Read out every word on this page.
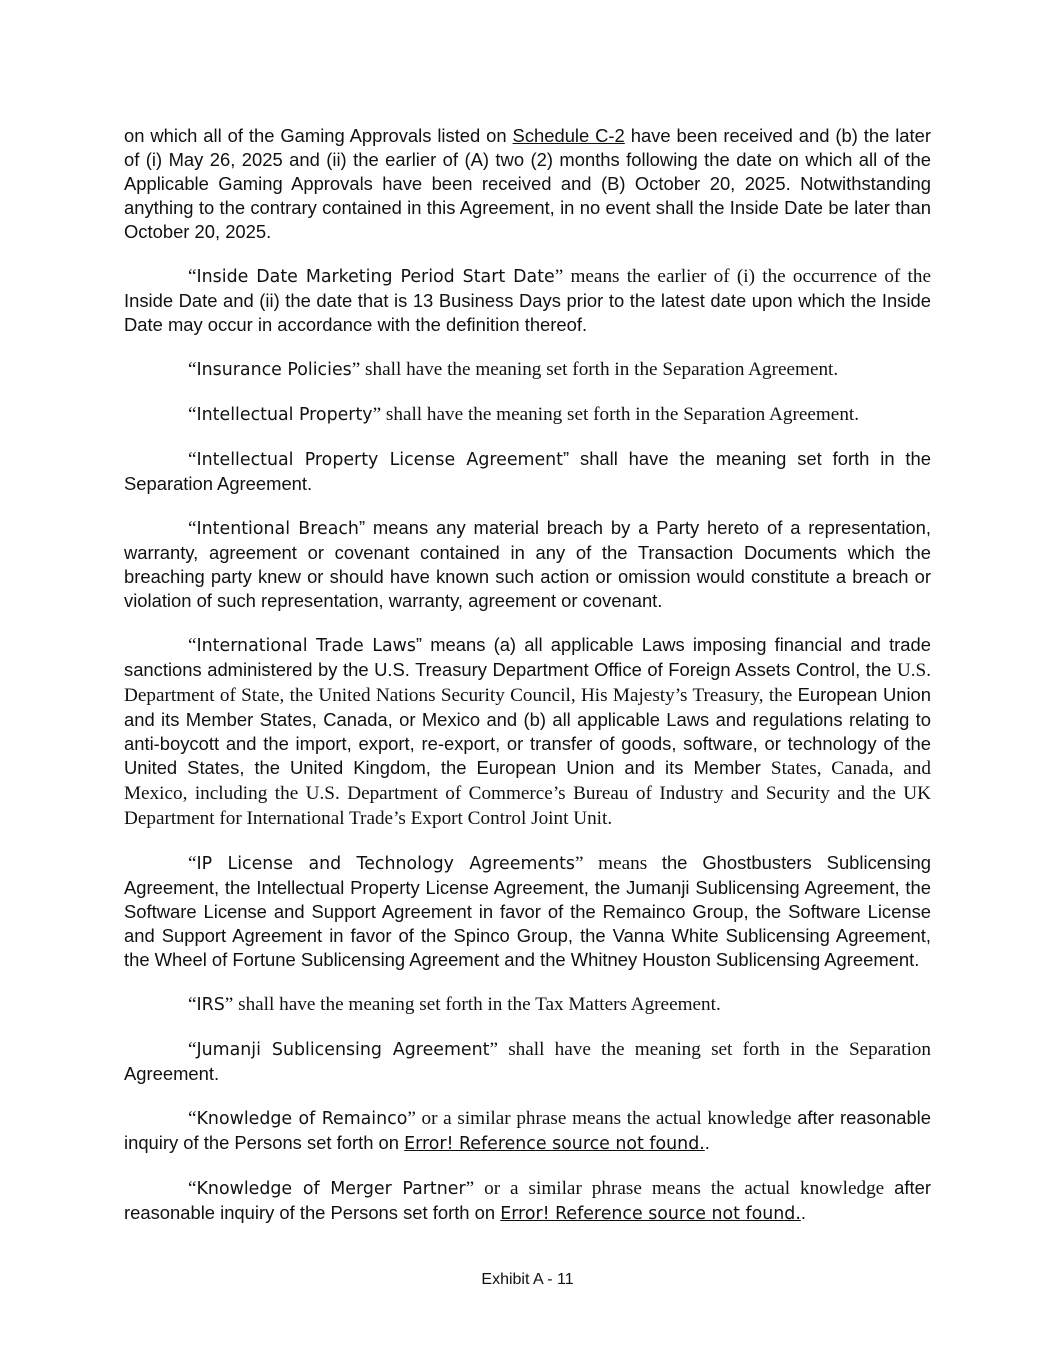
on which all of the Gaming Approvals listed on Schedule C-2 have been received and (b) the later of (i) May 26, 2025 and (ii) the earlier of (A) two (2) months following the date on which all of the Applicable Gaming Approvals have been received and (B) October 20, 2025. Notwithstanding anything to the contrary contained in this Agreement, in no event shall the Inside Date be later than October 20, 2025.

“Inside Date Marketing Period Start Date” means the earlier of (i) the occurrence of the Inside Date and (ii) the date that is 13 Business Days prior to the latest date upon which the Inside Date may occur in accordance with the definition thereof.

“Insurance Policies” shall have the meaning set forth in the Separation Agreement.

“Intellectual Property” shall have the meaning set forth in the Separation Agreement.

“Intellectual Property License Agreement” shall have the meaning set forth in the Separation Agreement.

“Intentional Breach” means any material breach by a Party hereto of a representation, warranty, agreement or covenant contained in any of the Transaction Documents which the breaching party knew or should have known such action or omission would constitute a breach or violation of such representation, warranty, agreement or covenant.

“International Trade Laws” means (a) all applicable Laws imposing financial and trade sanctions administered by the U.S. Treasury Department Office of Foreign Assets Control, the U.S. Department of State, the United Nations Security Council, His Majesty’s Treasury, the European Union and its Member States, Canada, or Mexico and (b) all applicable Laws and regulations relating to anti-boycott and the import, export, re-export, or transfer of goods, software, or technology of the United States, the United Kingdom, the European Union and its Member States, Canada, and Mexico, including the U.S. Department of Commerce’s Bureau of Industry and Security and the UK Department for International Trade’s Export Control Joint Unit.

“IP License and Technology Agreements” means the Ghostbusters Sublicensing Agreement, the Intellectual Property License Agreement, the Jumanji Sublicensing Agreement, the Software License and Support Agreement in favor of the Remainco Group, the Software License and Support Agreement in favor of the Spinco Group, the Vanna White Sublicensing Agreement, the Wheel of Fortune Sublicensing Agreement and the Whitney Houston Sublicensing Agreement.

“IRS” shall have the meaning set forth in the Tax Matters Agreement.

“Jumanji Sublicensing Agreement” shall have the meaning set forth in the Separation Agreement.

“Knowledge of Remainco” or a similar phrase means the actual knowledge after reasonable inquiry of the Persons set forth on Error! Reference source not found..

“Knowledge of Merger Partner” or a similar phrase means the actual knowledge after reasonable inquiry of the Persons set forth on Error! Reference source not found..

Exhibit A - 11
